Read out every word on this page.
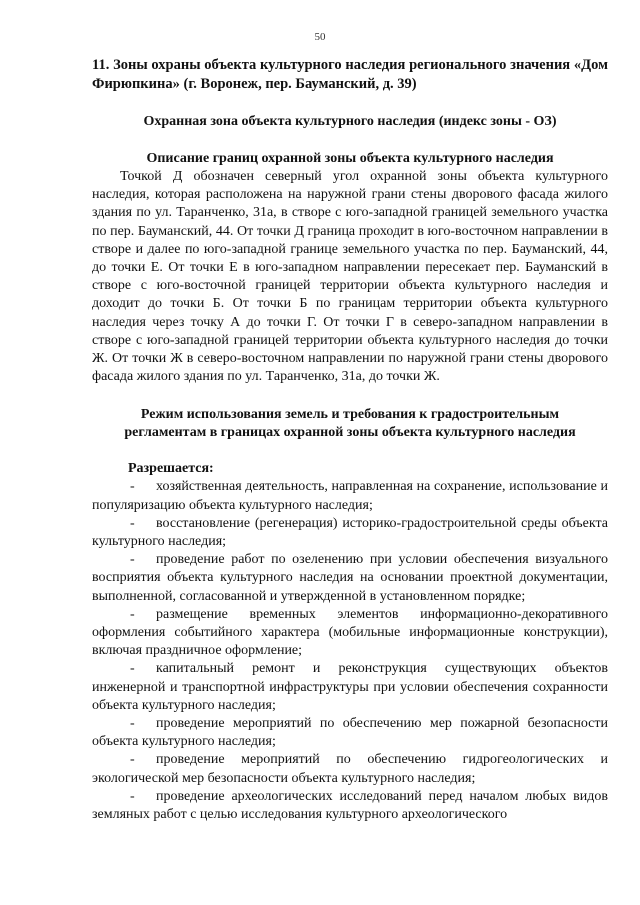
50

11. Зоны охраны объекта культурного наследия регионального значения «Дом Фирюпкина» (г. Воронеж, пер. Бауманский, д. 39)

Охранная зона объекта культурного наследия (индекс зоны - ОЗ)

Описание границ охранной зоны объекта культурного наследия

Точкой Д обозначен северный угол охранной зоны объекта культурного наследия, которая расположена на наружной грани стены дворового фасада жилого здания по ул. Таранченко, 31а, в створе с юго-западной границей земельного участка по пер. Бауманский, 44. От точки Д граница проходит в юго-восточном направлении в створе и далее по юго-западной границе земельного участка по пер. Бауманский, 44, до точки Е. От точки Е в юго-западном направлении пересекает пер. Бауманский в створе с юго-восточной границей территории объекта культурного наследия и доходит до точки Б. От точки Б по границам территории объекта культурного наследия через точку А до точки Г. От точки Г в северо-западном направлении в створе с юго-западной границей территории объекта культурного наследия до точки Ж. От точки Ж в северо-восточном направлении по наружной грани стены дворового фасада жилого здания по ул. Таранченко, 31а, до точки Ж.

Режим использования земель и требования к градостроительным

регламентам в границах охранной зоны объекта культурного наследия

Разрешается:

- хозяйственная деятельность, направленная на сохранение, использование и популяризацию объекта культурного наследия;

- восстановление (регенерация) историко-градостроительной среды объекта культурного наследия;

- проведение работ по озеленению при условии обеспечения визуального восприятия объекта культурного наследия на основании проектной документации, выполненной, согласованной и утвержденной в установленном порядке;

- размещение временных элементов информационно-декоративного оформления событийного характера (мобильные информационные конструкции), включая праздничное оформление;

- капитальный ремонт и реконструкция существующих объектов инженерной и транспортной инфраструктуры при условии обеспечения сохранности объекта культурного наследия;

- проведение мероприятий по обеспечению мер пожарной безопасности объекта культурного наследия;

- проведение мероприятий по обеспечению гидрогеологических и экологической мер безопасности объекта культурного наследия;

- проведение археологических исследований перед началом любых видов земляных работ с целью исследования культурного археологического
